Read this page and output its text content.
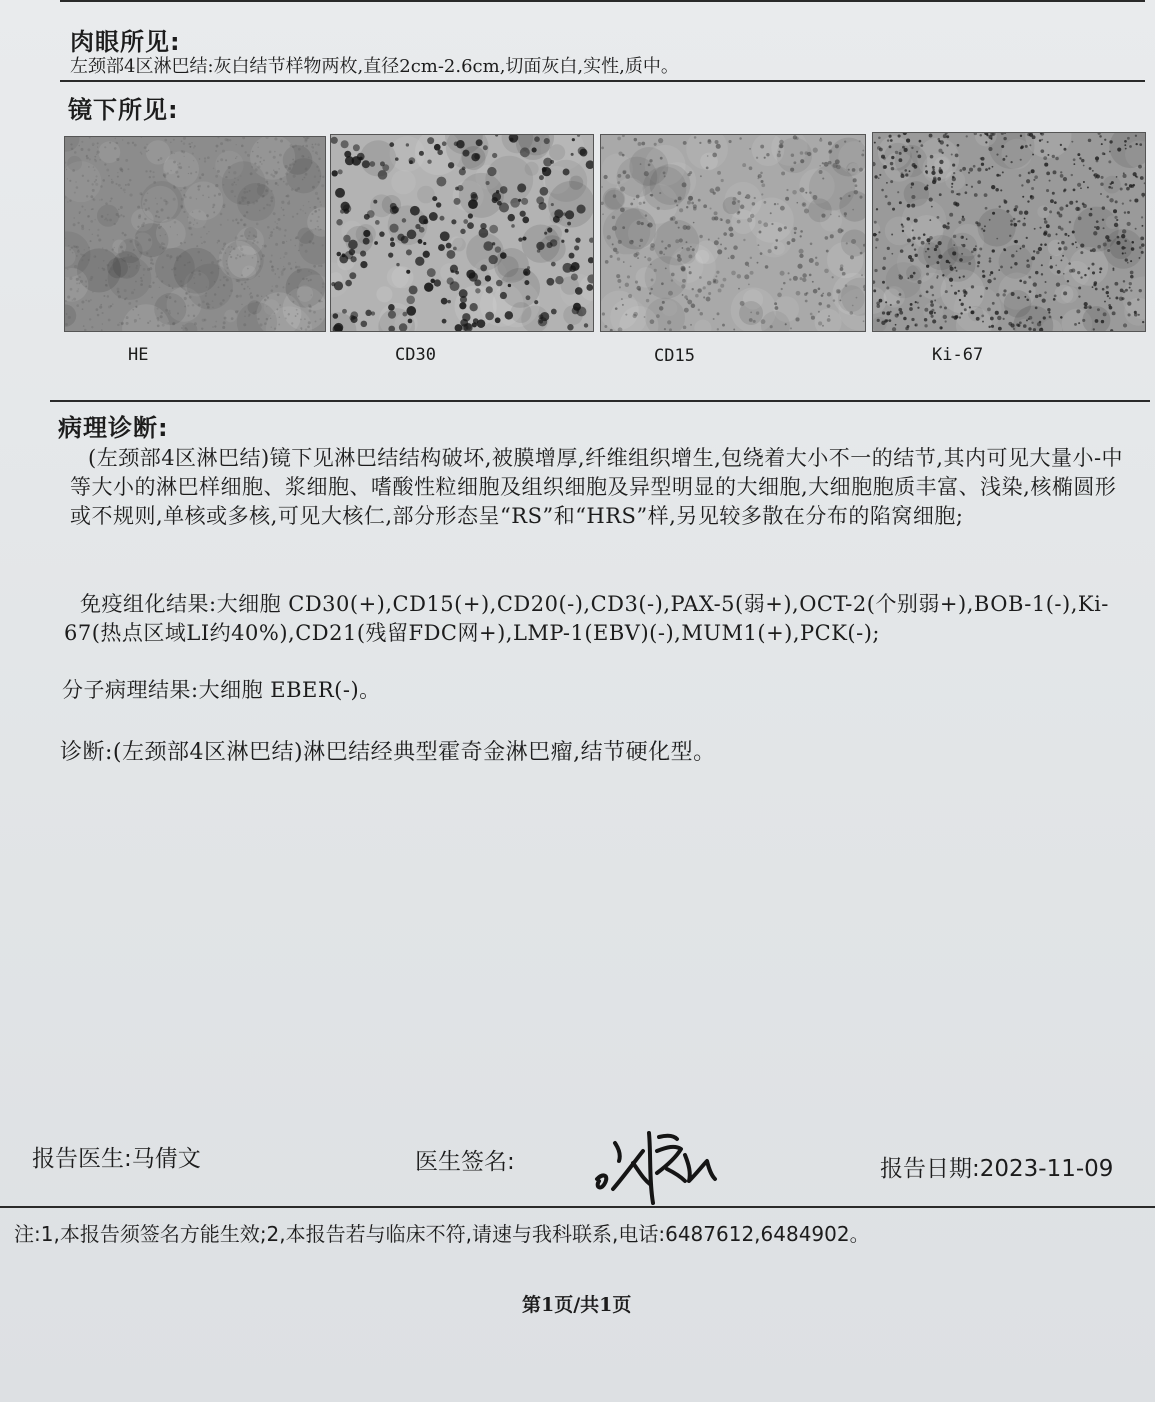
肉眼所见:
左颈部4区淋巴结:灰白结节样物两枚,直径2cm-2.6cm,切面灰白,实性,质中。
镜下所见:
HE	CD30	CD15	Ki-67
病理诊断:
(左颈部4区淋巴结)镜下见淋巴结结构破坏,被膜增厚,纤维组织增生,包绕着大小不一的结节,其内可见大量小-中等大小的淋巴样细胞、浆细胞、嗜酸性粒细胞及组织细胞及异型明显的大细胞,大细胞胞质丰富、浅染,核椭圆形或不规则,单核或多核,可见大核仁,部分形态呈“RS”和“HRS”样,另见较多散在分布的陷窝细胞;
免疫组化结果:大细胞 CD30(+),CD15(+),CD20(-),CD3(-),PAX-5(弱+),OCT-2(个别弱+),BOB-1(-),Ki-67(热点区域LI约40%),CD21(残留FDC网+),LMP-1(EBV)(-),MUM1(+),PCK(-);
分子病理结果:大细胞 EBER(-)。
诊断:(左颈部4区淋巴结)淋巴结经典型霍奇金淋巴瘤,结节硬化型。
报告医生:马倩文	医生签名:	报告日期:2023-11-09
注:1,本报告须签名方能生效;2,本报告若与临床不符,请速与我科联系,电话:6487612,6484902。
第1页/共1页
